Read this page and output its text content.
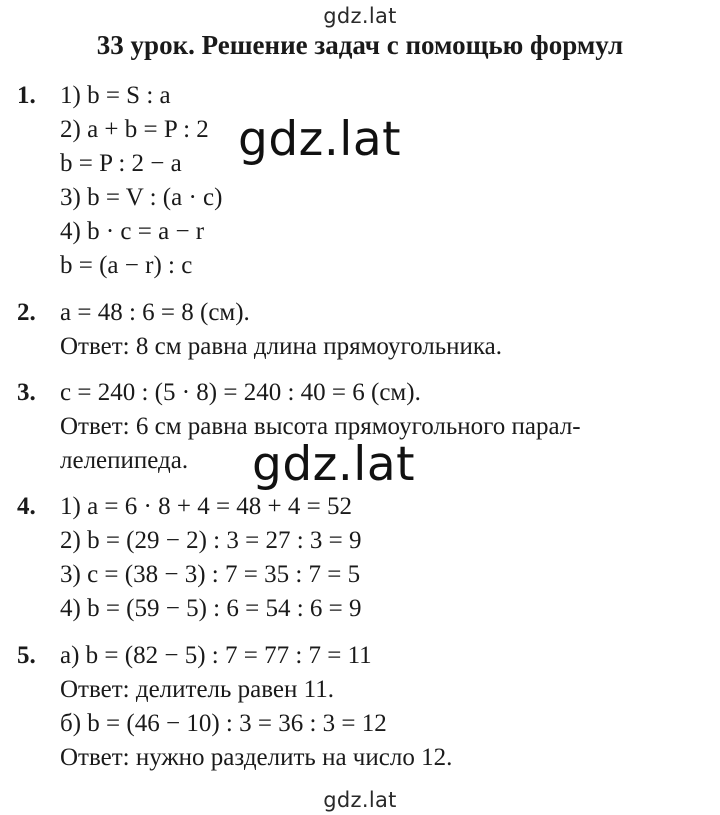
gdz.lat
33 урок. Решение задач с помощью формул
1. 1) b = S : a
2) a + b = P : 2
b = P : 2 − a
3) b = V : (a · c)
4) b · c = a − r
b = (a − r) : c
gdz.lat
2. a = 48 : 6 = 8 (см).
Ответ: 8 см равна длина прямоугольника.
3. c = 240 : (5 · 8) = 240 : 40 = 6 (см).
Ответ: 6 см равна высота прямоугольного парал-
лелепипеда. gdz.lat
4. 1) a = 6 · 8 + 4 = 48 + 4 = 52
2) b = (29 − 2) : 3 = 27 : 3 = 9
3) c = (38 − 3) : 7 = 35 : 7 = 5
4) b = (59 − 5) : 6 = 54 : 6 = 9
5. а) b = (82 − 5) : 7 = 77 : 7 = 11
Ответ: делитель равен 11.
б) b = (46 − 10) : 3 = 36 : 3 = 12
Ответ: нужно разделить на число 12.
gdz.lat
